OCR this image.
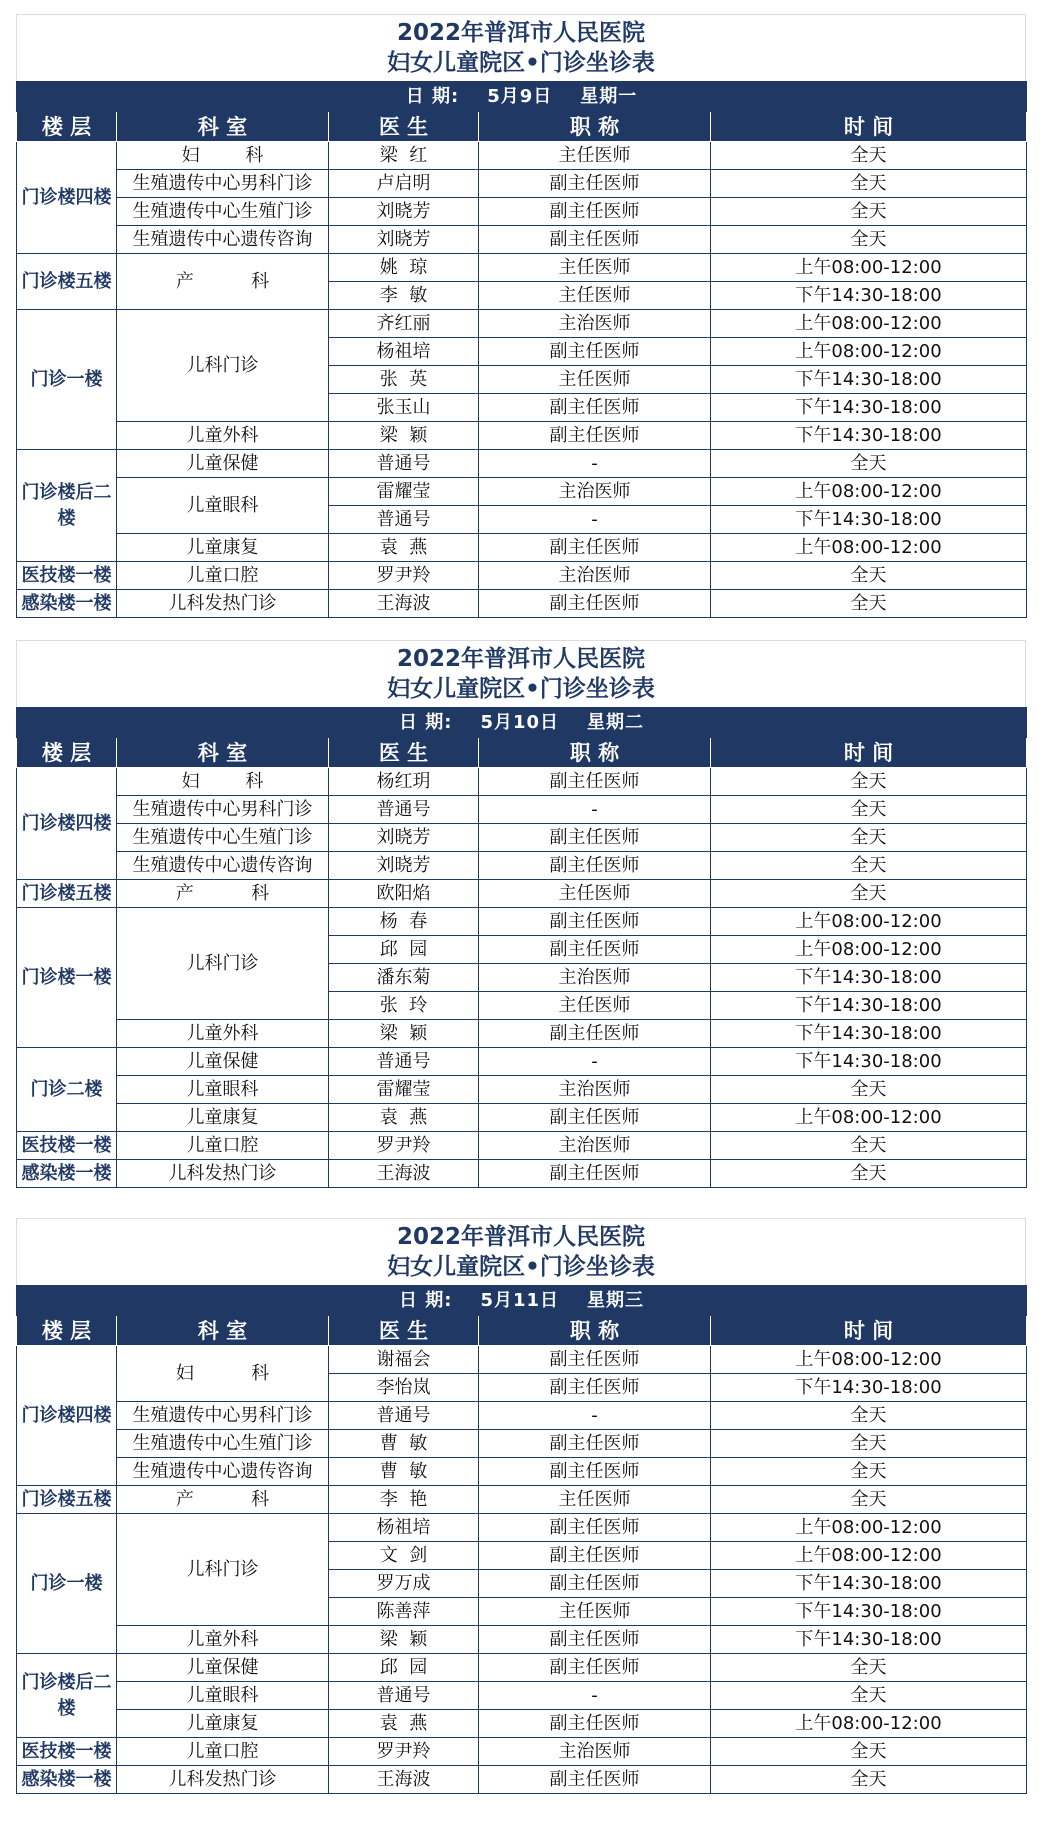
2022年普洱市人民医院
妇女儿童院区•门诊坐诊表
日 期: 5月9日 星期一				

楼 层	科 室	医 生	职 称	时 间
门诊楼四楼	妇        科	梁  红	主任医师	全天
	生殖遗传中心男科门诊	卢启明	副主任医师	全天
	生殖遗传中心生殖门诊	刘晓芳	副主任医师	全天
	生殖遗传中心遗传咨询	刘晓芳	副主任医师	全天
门诊楼五楼	产          科	姚  琼	主任医师	上午08:00-12:00
		李  敏	主任医师	下午14:30-18:00
门诊一楼	儿科门诊	齐红丽	主治医师	上午08:00-12:00
		杨祖培	副主任医师	上午08:00-12:00
		张  英	主任医师	下午14:30-18:00
		张玉山	副主任医师	下午14:30-18:00
	儿童外科	梁  颖	副主任医师	下午14:30-18:00
门诊楼后二楼	儿童保健	普通号	-	全天
	儿童眼科	雷耀莹	主治医师	上午08:00-12:00
		普通号	-	下午14:30-18:00
	儿童康复	袁  燕	副主任医师	上午08:00-12:00
医技楼一楼	儿童口腔	罗尹羚	主治医师	全天
感染楼一楼	儿科发热门诊	王海波	副主任医师	全天
2022年普洱市人民医院
妇女儿童院区•门诊坐诊表
日 期: 5月10日 星期二				

楼 层	科 室	医 生	职 称	时 间
门诊楼四楼	妇        科	杨红玥	副主任医师	全天
	生殖遗传中心男科门诊	普通号	-	全天
	生殖遗传中心生殖门诊	刘晓芳	副主任医师	全天
	生殖遗传中心遗传咨询	刘晓芳	副主任医师	全天
门诊楼五楼	产          科	欧阳焰	主任医师	全天
门诊楼一楼	儿科门诊	杨  春	副主任医师	上午08:00-12:00
		邱  园	副主任医师	上午08:00-12:00
		潘东菊	主治医师	下午14:30-18:00
		张  玲	主任医师	下午14:30-18:00
	儿童外科	梁  颖	副主任医师	下午14:30-18:00
门诊二楼	儿童保健	普通号	-	下午14:30-18:00
	儿童眼科	雷耀莹	主治医师	全天
	儿童康复	袁  燕	副主任医师	上午08:00-12:00
医技楼一楼	儿童口腔	罗尹羚	主治医师	全天
感染楼一楼	儿科发热门诊	王海波	副主任医师	全天
2022年普洱市人民医院
妇女儿童院区•门诊坐诊表
日 期: 5月11日 星期三				

楼 层	科 室	医 生	职 称	时 间
门诊楼四楼	妇          科	谢福会	副主任医师	上午08:00-12:00
		李怡岚	副主任医师	下午14:30-18:00
	生殖遗传中心男科门诊	普通号	-	全天
	生殖遗传中心生殖门诊	曹  敏	副主任医师	全天
	生殖遗传中心遗传咨询	曹  敏	副主任医师	全天
门诊楼五楼	产          科	李  艳	主任医师	全天
门诊一楼	儿科门诊	杨祖培	副主任医师	上午08:00-12:00
		文  剑	副主任医师	上午08:00-12:00
		罗万成	副主任医师	下午14:30-18:00
		陈善萍	主任医师	下午14:30-18:00
	儿童外科	梁  颖	副主任医师	下午14:30-18:00
门诊楼后二楼	儿童保健	邱  园	副主任医师	全天
	儿童眼科	普通号	-	全天
	儿童康复	袁  燕	副主任医师	上午08:00-12:00
医技楼一楼	儿童口腔	罗尹羚	主治医师	全天
感染楼一楼	儿科发热门诊	王海波	副主任医师	全天
